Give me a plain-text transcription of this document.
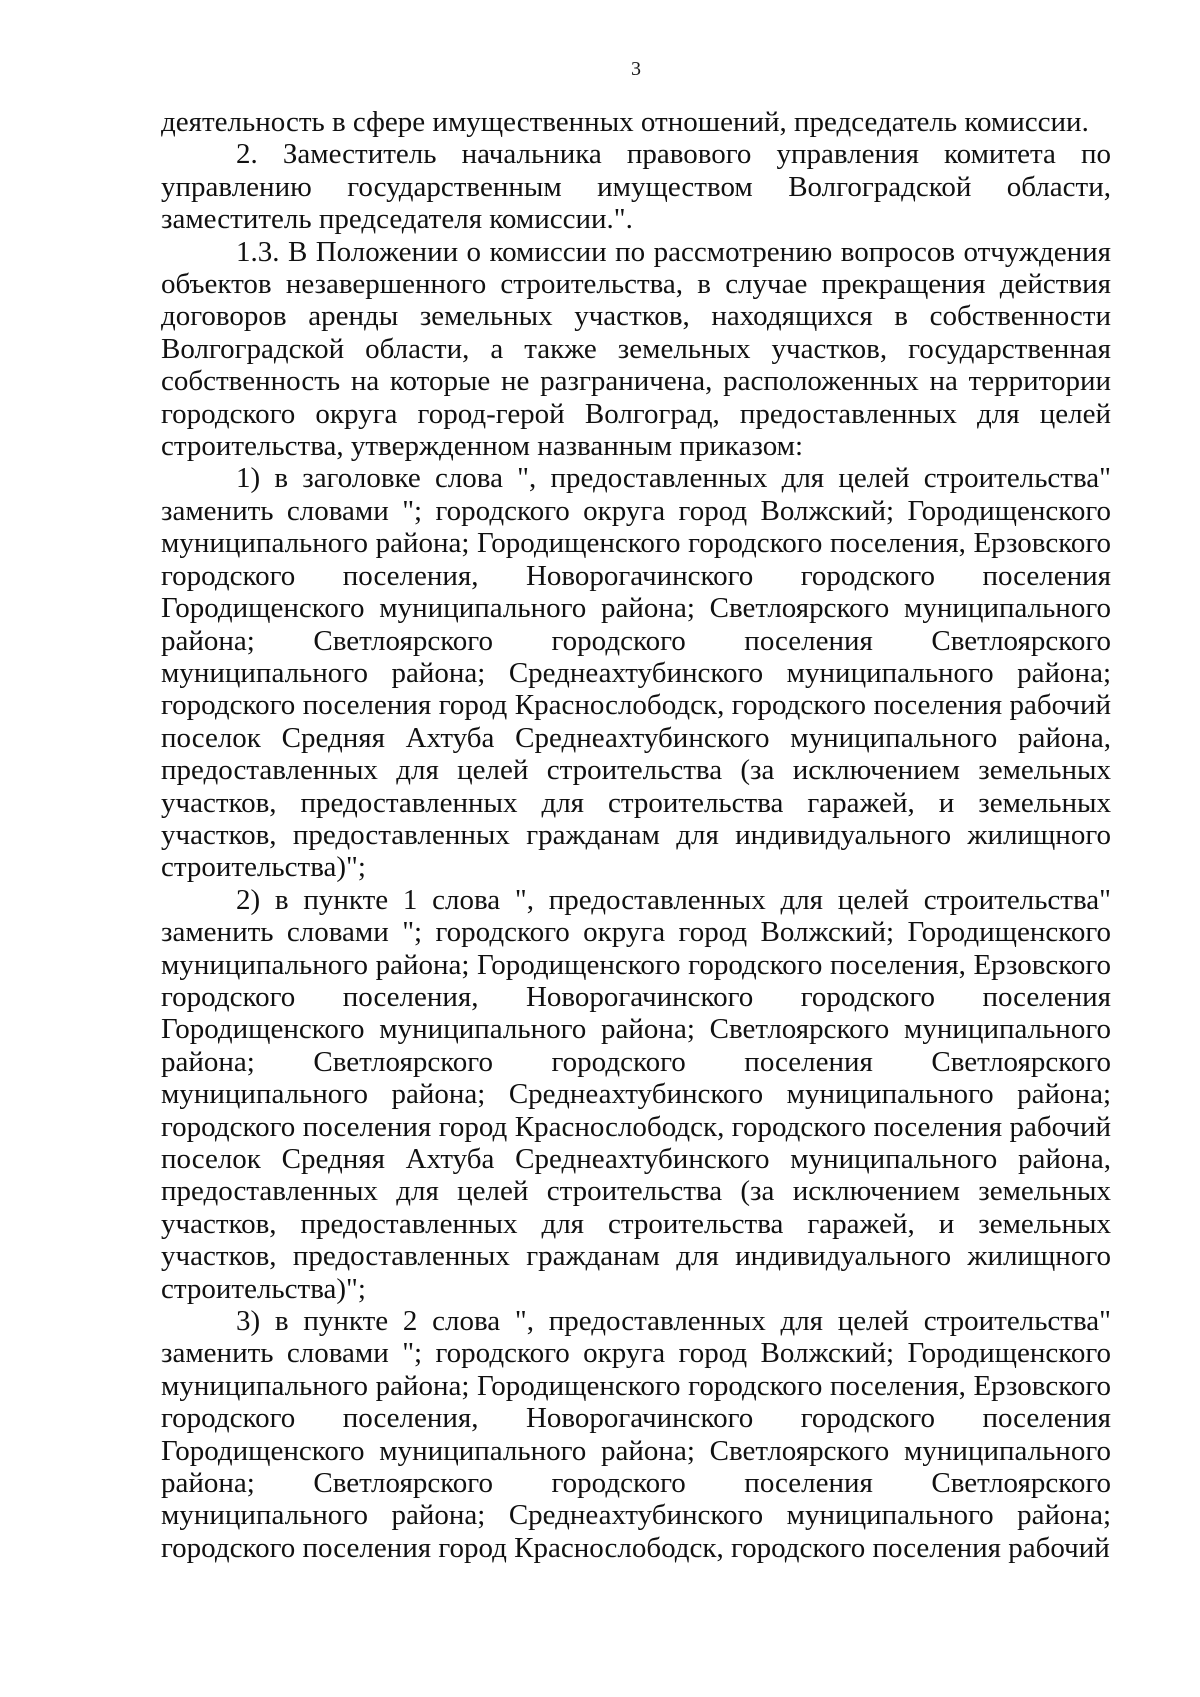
3

деятельность в сфере имущественных отношений, председатель комиссии.

2. Заместитель начальника правового управления комитета по управлению государственным имуществом Волгоградской области, заместитель председателя комиссии.".

1.3. В Положении о комиссии по рассмотрению вопросов отчуждения объектов незавершенного строительства, в случае прекращения действия договоров аренды земельных участков, находящихся в собственности Волгоградской области, а также земельных участков, государственная собственность на которые не разграничена, расположенных на территории городского округа город-герой Волгоград, предоставленных для целей строительства, утвержденном названным приказом:

1) в заголовке слова ", предоставленных для целей строительства" заменить словами "; городского округа город Волжский; Городищенского муниципального района; Городищенского городского поселения, Ерзовского городского поселения, Новорогачинского городского поселения Городищенского муниципального района; Светлоярского муниципального района; Светлоярского городского поселения Светлоярского муниципального района; Среднеахтубинского муниципального района; городского поселения город Краснослободск, городского поселения рабочий поселок Средняя Ахтуба Среднеахтубинского муниципального района, предоставленных для целей строительства (за исключением земельных участков, предоставленных для строительства гаражей, и земельных участков, предоставленных гражданам для индивидуального жилищного строительства)";

2) в пункте 1 слова ", предоставленных для целей строительства" заменить словами "; городского округа город Волжский; Городищенского муниципального района; Городищенского городского поселения, Ерзовского городского поселения, Новорогачинского городского поселения Городищенского муниципального района; Светлоярского муниципального района; Светлоярского городского поселения Светлоярского муниципального района; Среднеахтубинского муниципального района; городского поселения город Краснослободск, городского поселения рабочий поселок Средняя Ахтуба Среднеахтубинского муниципального района, предоставленных для целей строительства (за исключением земельных участков, предоставленных для строительства гаражей, и земельных участков, предоставленных гражданам для индивидуального жилищного строительства)";

3) в пункте 2 слова ", предоставленных для целей строительства" заменить словами "; городского округа город Волжский; Городищенского муниципального района; Городищенского городского поселения, Ерзовского городского поселения, Новорогачинского городского поселения Городищенского муниципального района; Светлоярского муниципального района; Светлоярского городского поселения Светлоярского муниципального района; Среднеахтубинского муниципального района; городского поселения город Краснослободск, городского поселения рабочий
